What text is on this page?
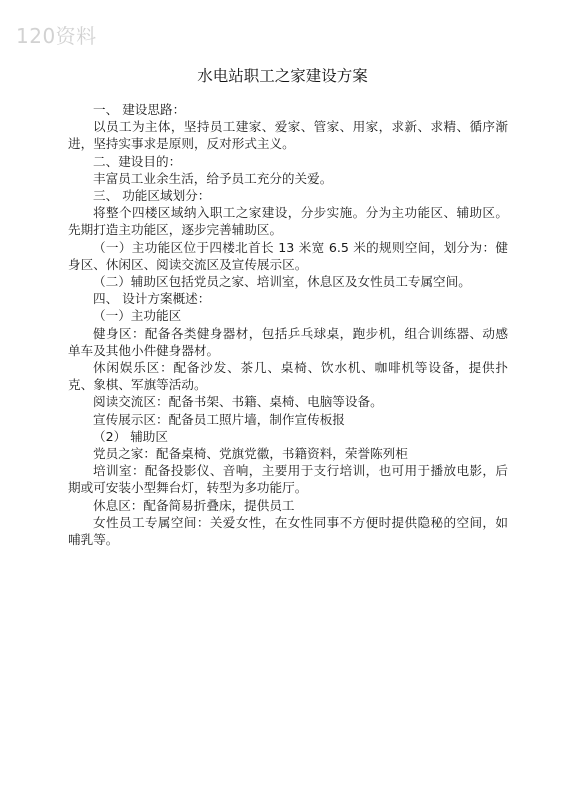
120资料
水电站职工之家建设方案

一、 建设思路：

以员工为主体，坚持员工建家、爱家、管家、用家，求新、求精、循序渐进，坚持实事求是原则，反对形式主义。

二、建设目的：

丰富员工业余生活，给予员工充分的关爱。

三、 功能区域划分：

将整个四楼区域纳入职工之家建设，分步实施。分为主功能区、辅助区。先期打造主功能区，逐步完善辅助区。

（一）主功能区位于四楼北首长 13 米宽 6.5 米的规则空间，划分为：健身区、休闲区、阅读交流区及宣传展示区。

（二）辅助区包括党员之家、培训室，休息区及女性员工专属空间。

四、 设计方案概述：

（一）主功能区

健身区：配备各类健身器材，包括乒乓球桌，跑步机，组合训练器、动感单车及其他小件健身器材。

休闲娱乐区：配备沙发、茶几、桌椅、饮水机、咖啡机等设备，提供扑克、象棋、军旗等活动。

阅读交流区：配备书架、书籍、桌椅、电脑等设备。

宣传展示区：配备员工照片墙，制作宣传板报

（2） 辅助区

党员之家：配备桌椅、党旗党徽，书籍资料，荣誉陈列柜

培训室：配备投影仪、音响，主要用于支行培训，也可用于播放电影，后期或可安装小型舞台灯，转型为多功能厅。

休息区：配备简易折叠床，提供员工

女性员工专属空间：关爱女性，在女性同事不方便时提供隐秘的空间，如哺乳等。
